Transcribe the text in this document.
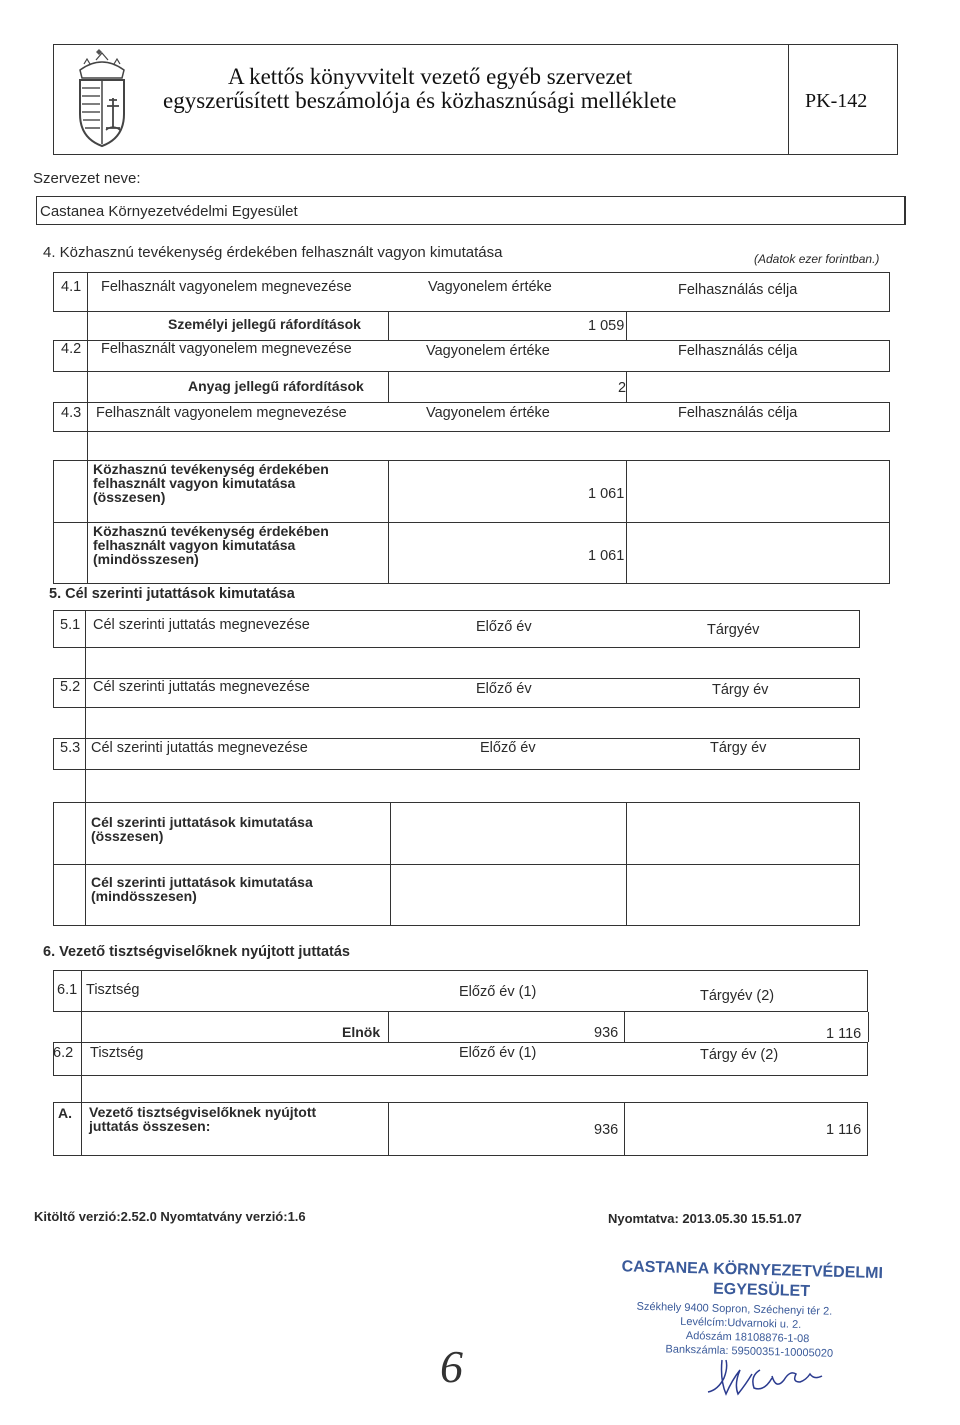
A kettős könyvvitelt vezető egyéb szervezet
egyszerűsített beszámolója és közhasznúsági melléklete	PK-142
Szervezet neve:
Castanea Környezetvédelmi Egyesület
4. Közhasznú tevékenység érdekében felhasznált vagyon kimutatása	(Adatok ezer forintban.)
4.1 Felhasznált vagyonelem megnevezése	Vagyonelem értéke	Felhasználás célja
Személyi jellegű ráfordítások	1 059
4.2 Felhasznált vagyonelem megnevezése	Vagyonelem értéke	Felhasználás célja
Anyag jellegű ráfordítások	2
4.3 Felhasznált vagyonelem megnevezése	Vagyonelem értéke	Felhasználás célja
Közhasznú tevékenység érdekében
felhasznált vagyon kimutatása
(összesen)	1 061
Közhasznú tevékenység érdekében
felhasznált vagyon kimutatása
(mindösszesen)	1 061
5. Cél szerinti jutattások kimutatása
5.1 Cél szerinti juttatás megnevezése	Előző év	Tárgyév
5.2 Cél szerinti juttatás megnevezése	Előző év	Tárgy év
5.3 Cél szerinti jutattás megnevezése	Előző év	Tárgy év
Cél szerinti juttatások kimutatása
(összesen)
Cél szerinti juttatások kimutatása
(mindösszesen)
6. Vezető tisztségviselőknek nyújtott juttatás
6.1 Tisztség	Előző év (1)	Tárgyév (2)
Elnök	936	1 116
6.2 Tisztség	Előző év (1)	Tárgy év (2)
A. Vezető tisztségviselőknek nyújtott
juttatás összesen:	936	1 116
Kitöltő verzió:2.52.0 Nyomtatvány verzió:1.6	Nyomtatva: 2013.05.30 15.51.07
CASTANEA KÖRNYEZETVÉDELMI
EGYESÜLET
Székhely 9400 Sopron, Széchenyi tér 2.
Levélcím:Udvarnoki u. 2.
Adószám 18108876-1-08
Bankszámla: 59500351-10005020
6
